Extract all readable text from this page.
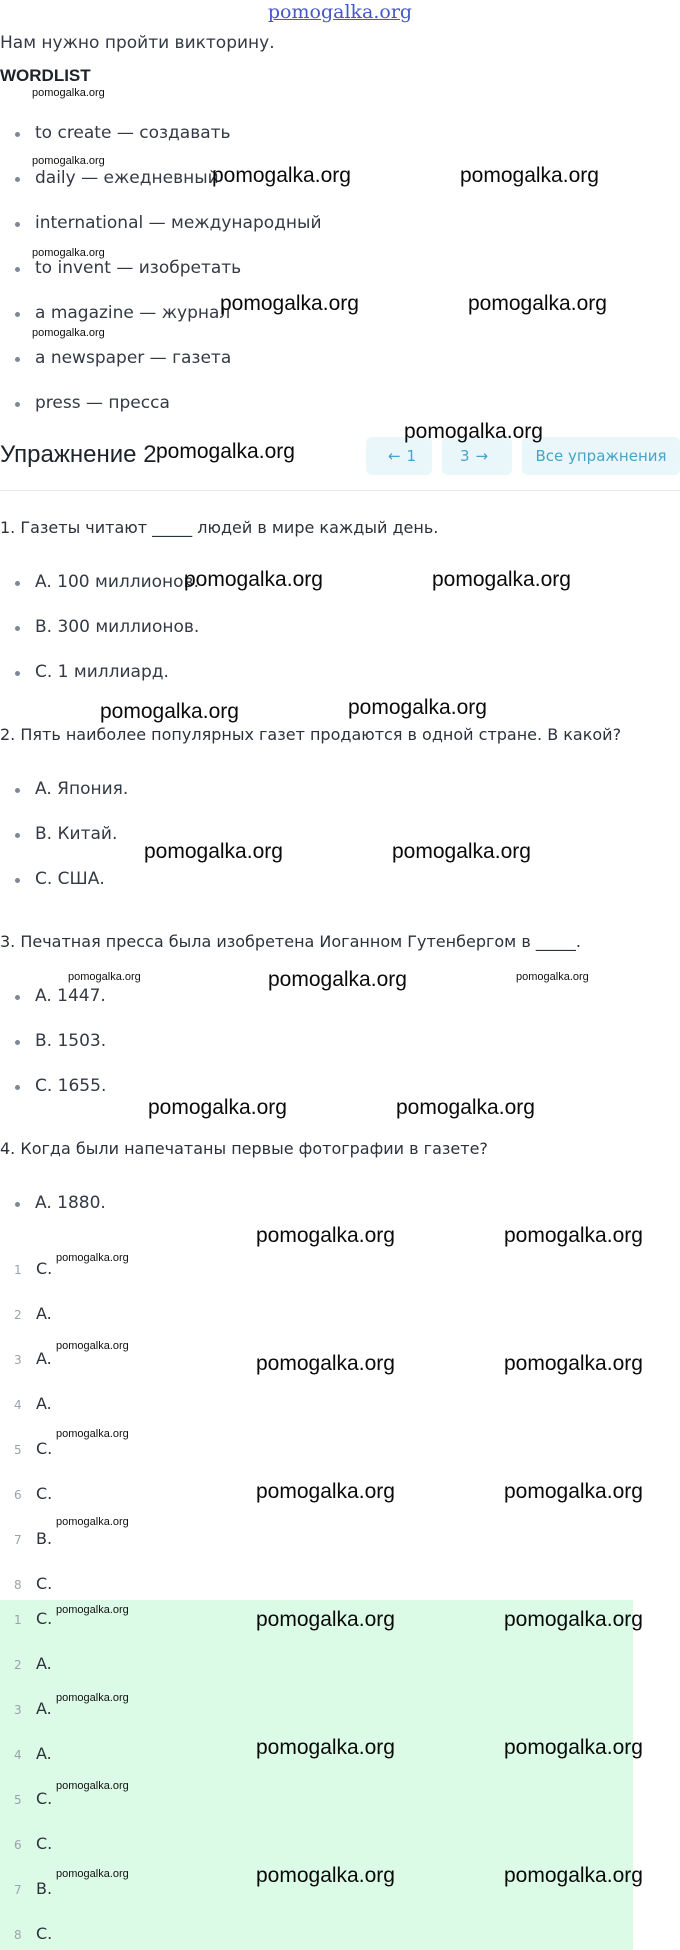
pomogalka.org
Нам нужно пройти викторину.
WORDLIST
to create — создавать
daily — ежедневный
international — международный
to invent — изобретать
a magazine — журнал
a newspaper — газета
press — пресса
Упражнение 2	← 1	3 →	Все упражнения
1. Газеты читают _____ людей в мире каждый день.
A. 100 миллионов.
B. 300 миллионов.
C. 1 миллиард.
2. Пять наиболее популярных газет продаются в одной стране. В какой?
A. Япония.
B. Китай.
C. США.
3. Печатная пресса была изобретена Иоганном Гутенбергом в _____.
A. 1447.
B. 1503.
C. 1655.
4. Когда были напечатаны первые фотографии в газете?
A. 1880.
1 C.
2 A.
3 A.
4 A.
5 C.
6 C.
7 B.
8 C.
1 C.
2 A.
3 A.
4 A.
5 C.
6 C.
7 B.
8 C.
pomogalka.org
pomogalka.org
pomogalka.org
pomogalka.org
pomogalka.org	pomogalka.org
pomogalka.org
pomogalka.org
pomogalka.org
pomogalka.org
pomogalka.org
pomogalka.org
pomogalka.org
pomogalka.org
pomogalka.org	pomogalka.org
pomogalka.org	pomogalka.org
pomogalka.org
pomogalka.org
pomogalka.org	pomogalka.org
pomogalka.org	pomogalka.org
pomogalka.org	pomogalka.org
pomogalka.org
pomogalka.org	pomogalka.org
pomogalka.org	pomogalka.org
pomogalka.org	pomogalka.org
pomogalka.org	pomogalka.org
pomogalka.org	pomogalka.org
pomogalka.org	pomogalka.org
pomogalka.org	pomogalka.org
